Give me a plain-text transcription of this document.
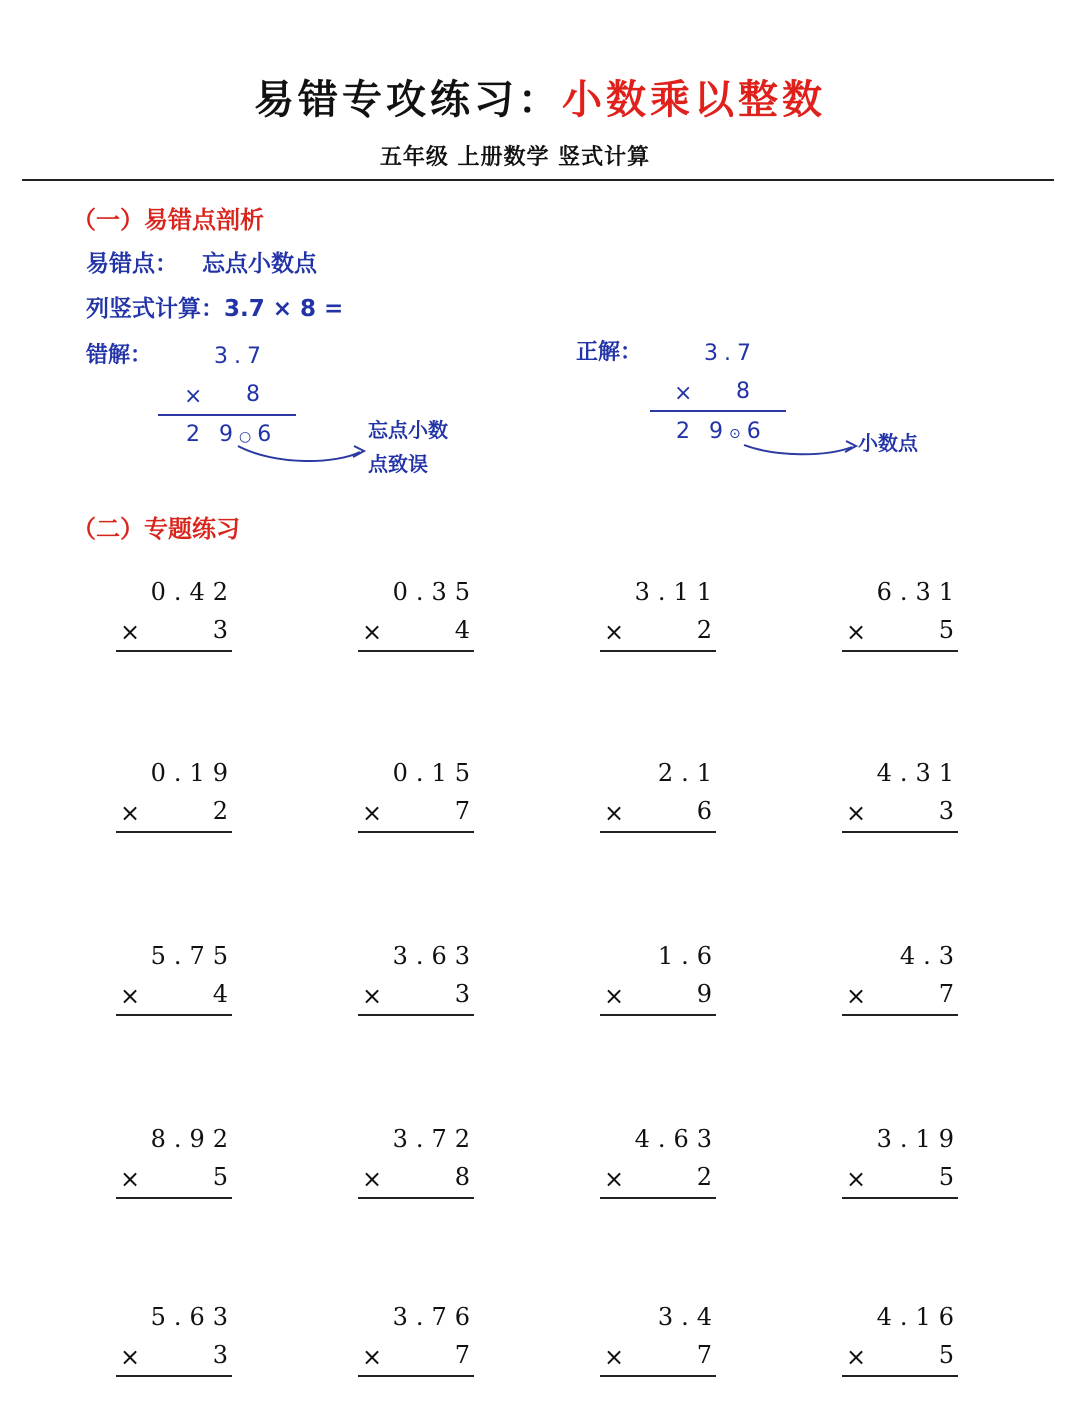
易错专攻练习：小数乘以整数
五年级 上册数学 竖式计算
（一）易错点剖析
易错点： 忘点小数点
列竖式计算：3.7 × 8 =
错解：	3.7
× 8
2 9○6	忘点小数
点致误
正解：	3.7
× 8
2 9⊙6	小数点
（二）专题练习
0.42
×	3
0.35
×	4
3.11
×	2
6.31
×	5
0.19
×	2
0.15
×	7
2.1
×	6
4.31
×	3
5.75
×	4
3.63
×	3
1.6
×	9
4.3
×	7
8.92
×	5
3.72
×	8
4.63
×	2
3.19
×	5
5.63
×	3
3.76
×	7
3.4
×	7
4.16
×	5
